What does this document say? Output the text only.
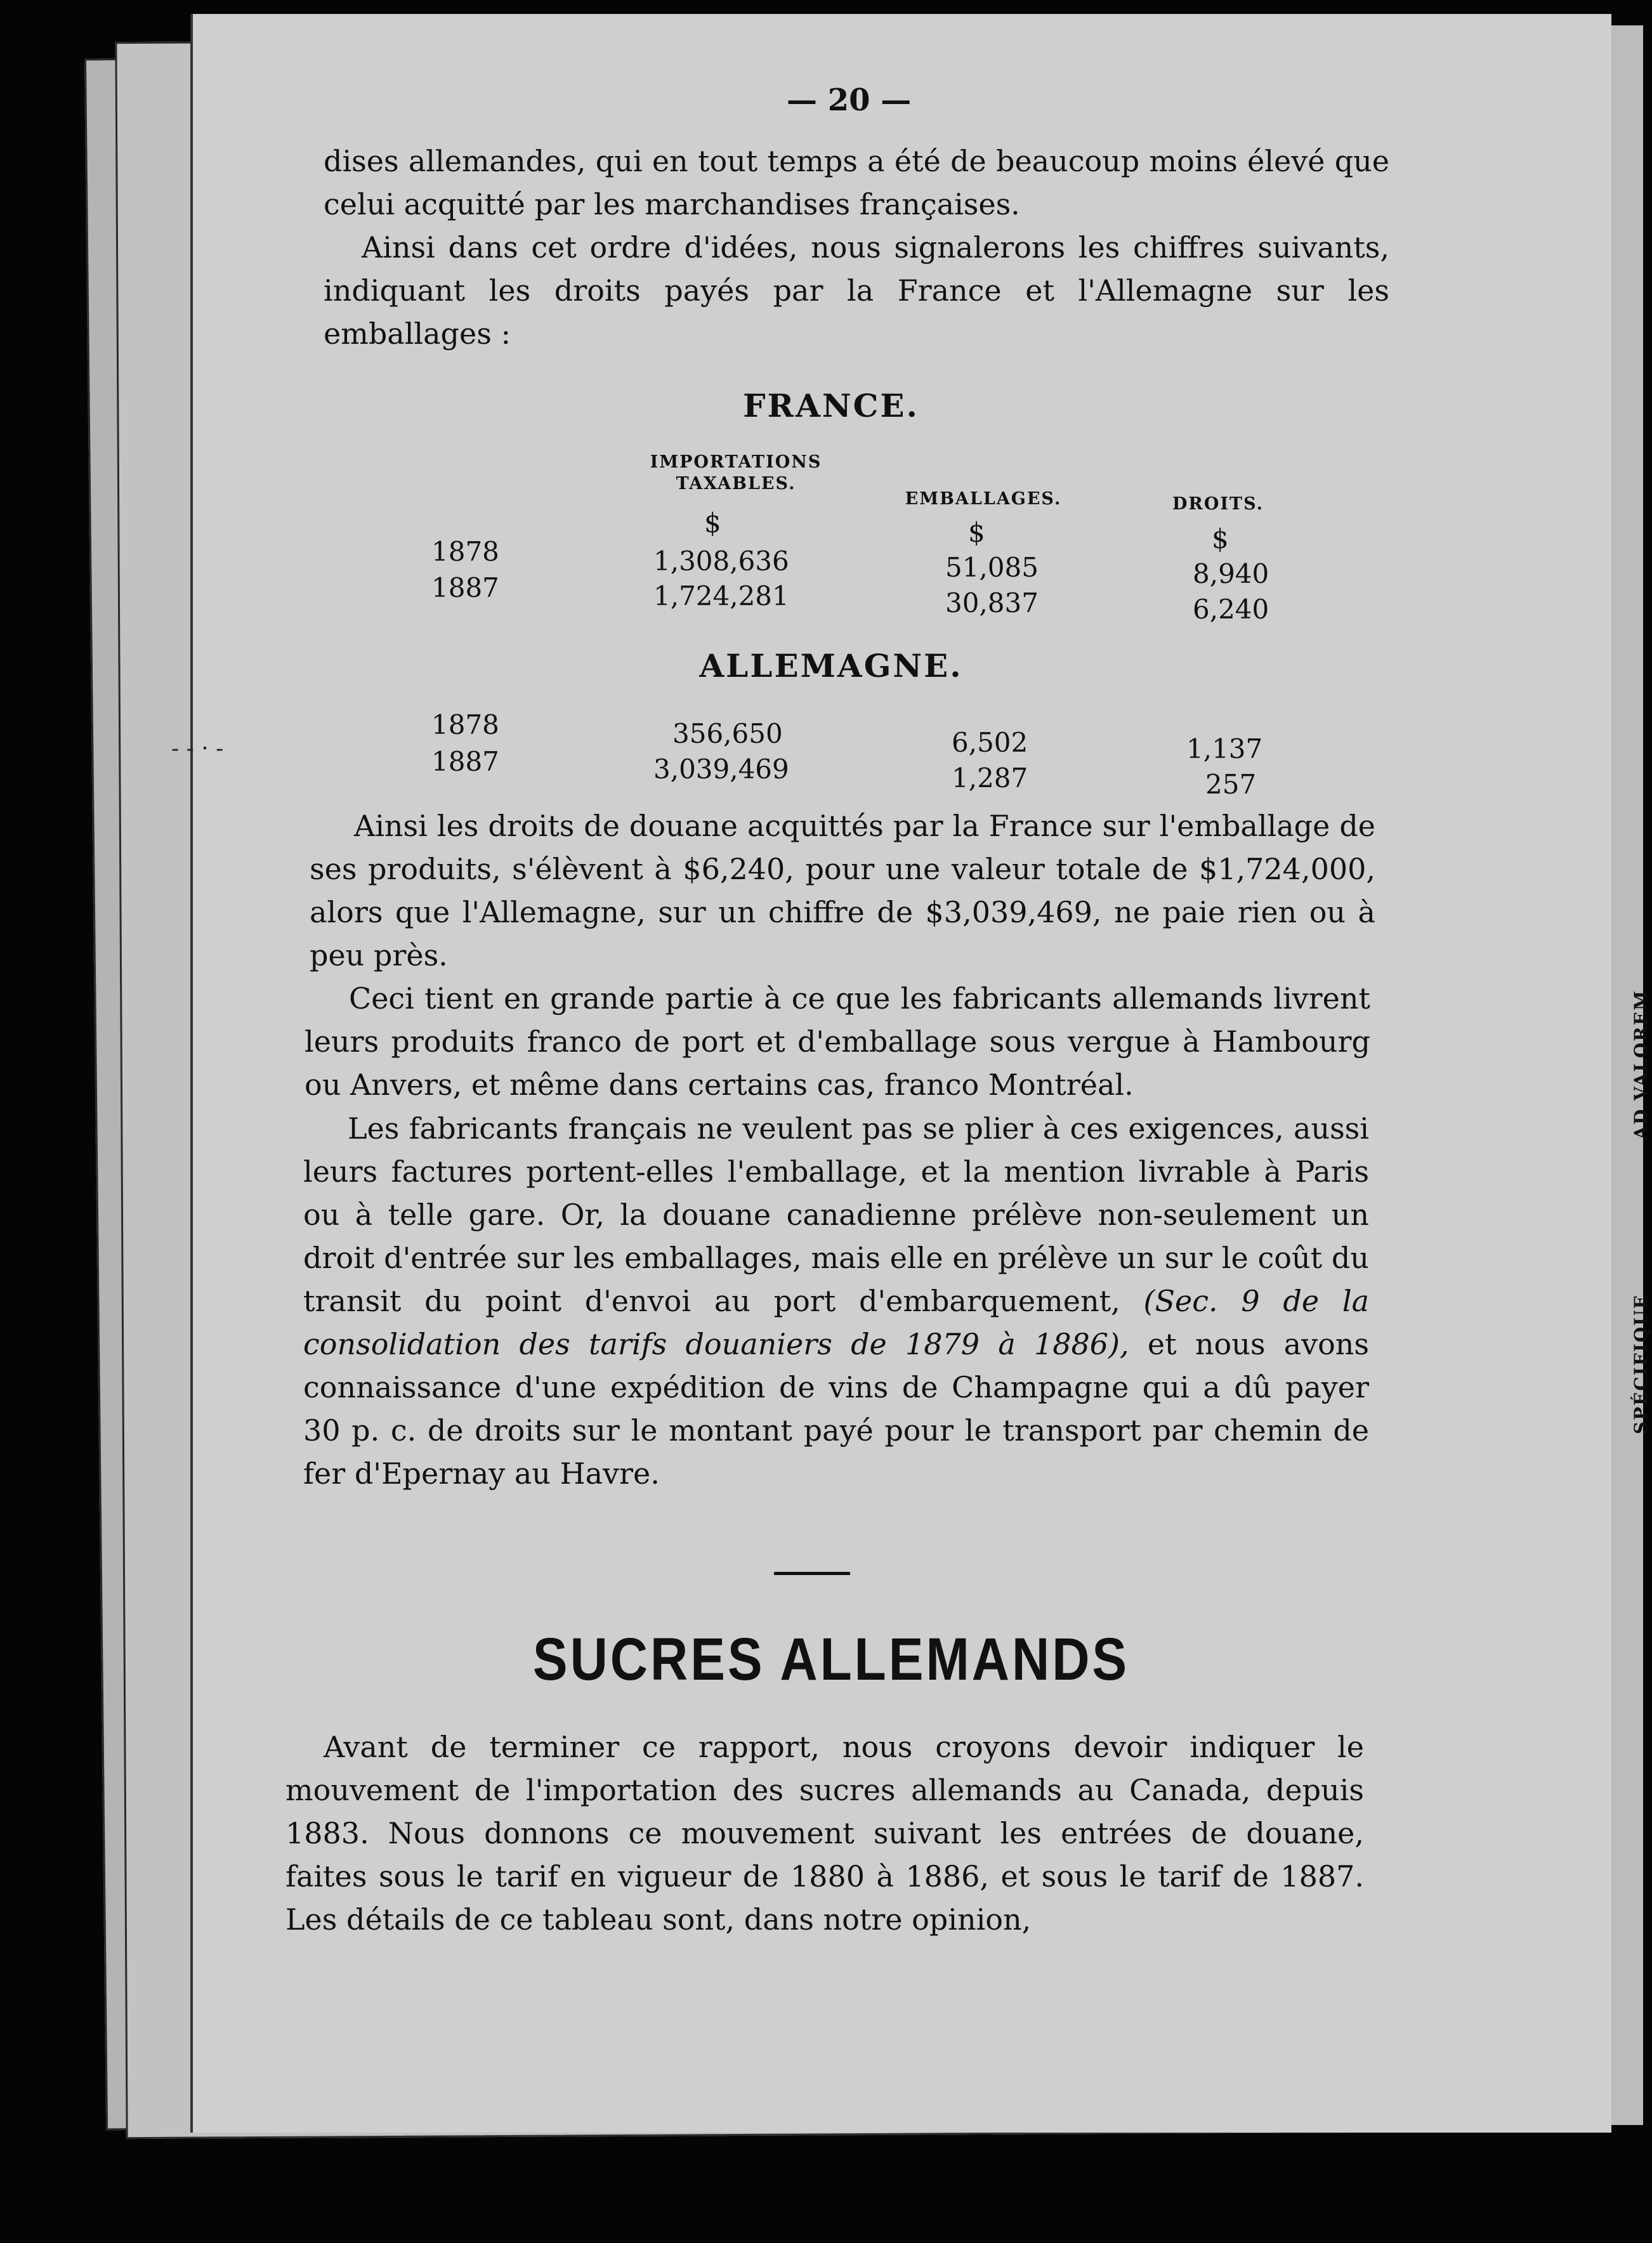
AD VALOREM
SPÉCIFIQUE
- - · -
— 20 —
dises allemandes, qui en tout temps a été de beaucoup moins élevé que celui acquitté par les marchandises françaises.
Ainsi dans cet ordre d'idées, nous signalerons les chiffres suivants, indiquant les droits payés par la France et l'Allemagne sur les emballages :
FRANCE.
IMPORTATIONS TAXABLES.
EMBALLAGES.	DROITS.
$	$	$
1878	1,308,636	51,085	8,940
1887	1,724,281	30,837	6,240
ALLEMAGNE.
1878	356,650	6,502	1,137
1887	3,039,469	1,287	257
Ainsi les droits de douane acquittés par la France sur l'emballage de ses produits, s'élèvent à $6,240, pour une valeur totale de $1,724,000, alors que l'Allemagne, sur un chiffre de $3,039,469, ne paie rien ou à peu près.
Ceci tient en grande partie à ce que les fabricants allemands livrent leurs produits franco de port et d'emballage sous vergue à Hambourg ou Anvers, et même dans certains cas, franco Montréal.
Les fabricants français ne veulent pas se plier à ces exigences, aussi leurs factures portent-elles l'emballage, et la mention livrable à Paris ou à telle gare. Or, la douane canadienne prélève non-seulement un droit d'entrée sur les emballages, mais elle en prélève un sur le coût du transit du point d'envoi au port d'embarquement, (Sec. 9 de la consolidation des tarifs douaniers de 1879 à 1886), et nous avons connaissance d'une expédition de vins de Champagne qui a dû payer 30 p. c. de droits sur le montant payé pour le transport par chemin de fer d'Epernay au Havre.
SUCRES ALLEMANDS
Avant de terminer ce rapport, nous croyons devoir indiquer le mouvement de l'importation des sucres allemands au Canada, depuis 1883. Nous donnons ce mouvement suivant les entrées de douane, faites sous le tarif en vigueur de 1880 à 1886, et sous le tarif de 1887. Les détails de ce tableau sont, dans notre opinion,
